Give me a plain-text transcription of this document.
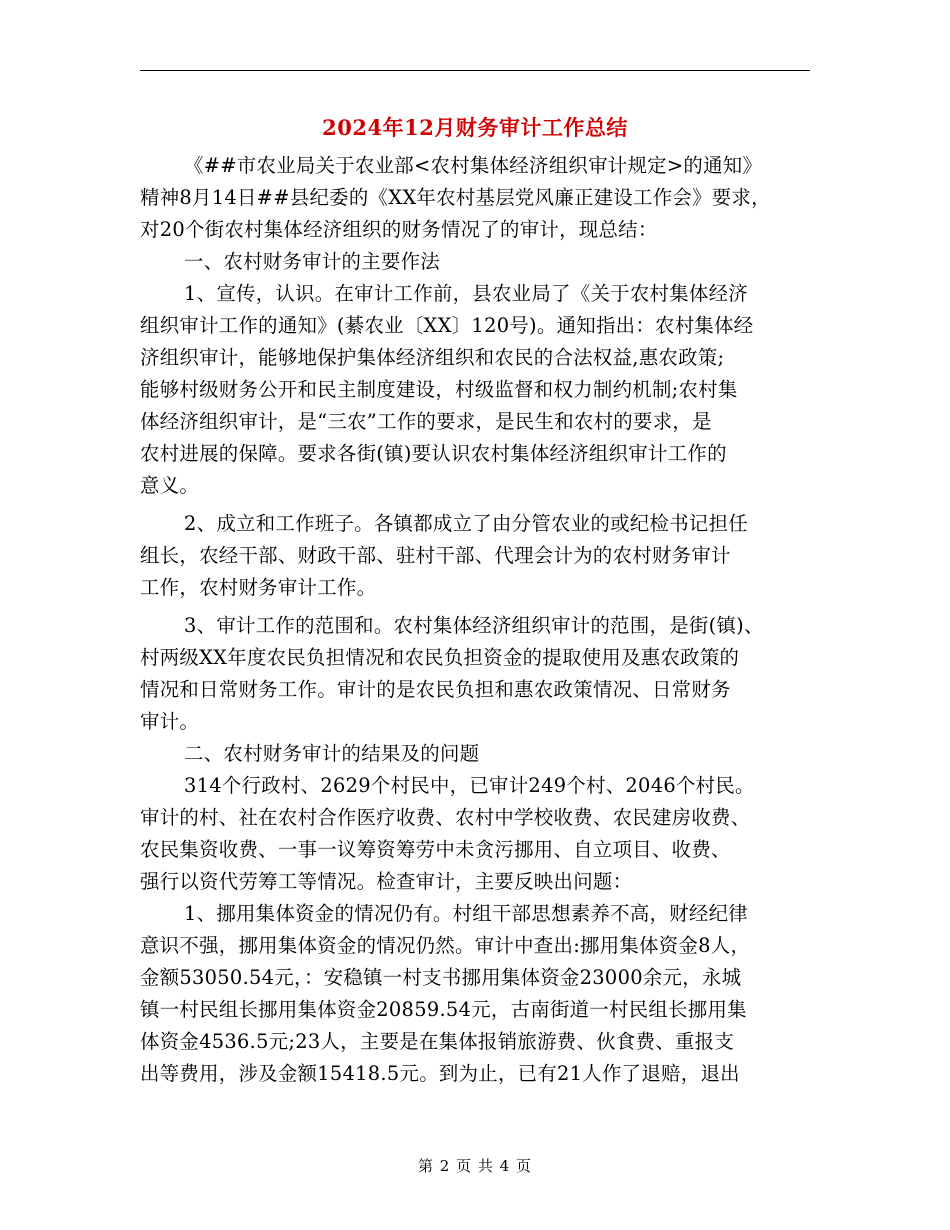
2024年12月财务审计工作总结
《##市农业局关于农业部<农村集体经济组织审计规定>的通知》
精神8月14日##县纪委的《XX年农村基层党风廉正建设工作会》要求，
对20个街农村集体经济组织的财务情况了的审计，现总结：
一、农村财务审计的主要作法
1、宣传，认识。在审计工作前，县农业局了《关于农村集体经济
组织审计工作的通知》(綦农业〔XX〕120号)。通知指出：农村集体经
济组织审计，能够地保护集体经济组织和农民的合法权益,惠农政策;
能够村级财务公开和民主制度建设，村级监督和权力制约机制;农村集
体经济组织审计，是“三农”工作的要求，是民生和农村的要求，是
农村进展的保障。要求各街(镇)要认识农村集体经济组织审计工作的
意义。
2、成立和工作班子。各镇都成立了由分管农业的或纪检书记担任
组长，农经干部、财政干部、驻村干部、代理会计为的农村财务审计
工作，农村财务审计工作。
3、审计工作的范围和。农村集体经济组织审计的范围，是街(镇)、
村两级XX年度农民负担情况和农民负担资金的提取使用及惠农政策的
情况和日常财务工作。审计的是农民负担和惠农政策情况、日常财务
审计。
二、农村财务审计的结果及的问题
314个行政村、2629个村民中，已审计249个村、2046个村民。
审计的村、社在农村合作医疗收费、农村中学校收费、农民建房收费、
农民集资收费、一事一议筹资筹劳中未贪污挪用、自立项目、收费、
强行以资代劳筹工等情况。检查审计，主要反映出问题：
1、挪用集体资金的情况仍有。村组干部思想素养不高，财经纪律
意识不强，挪用集体资金的情况仍然。审计中查出:挪用集体资金8人，
金额53050.54元，：安稳镇一村支书挪用集体资金23000余元，永城
镇一村民组长挪用集体资金20859.54元，古南街道一村民组长挪用集
体资金4536.5元;23人，主要是在集体报销旅游费、伙食费、重报支
出等费用，涉及金额15418.5元。到为止，已有21人作了退赔，退出
第 2 页 共 4 页
